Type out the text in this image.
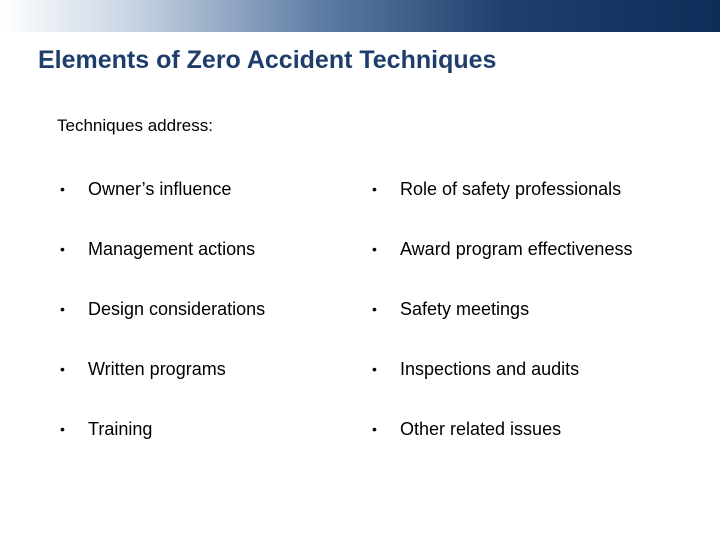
Elements of Zero Accident Techniques
Techniques address:
•	Owner’s influence
•	Management actions
•	Design considerations
•	Written programs
•	Training
•	Role of safety professionals
•	Award program effectiveness
•	Safety meetings
•	Inspections and audits
•	Other related issues
